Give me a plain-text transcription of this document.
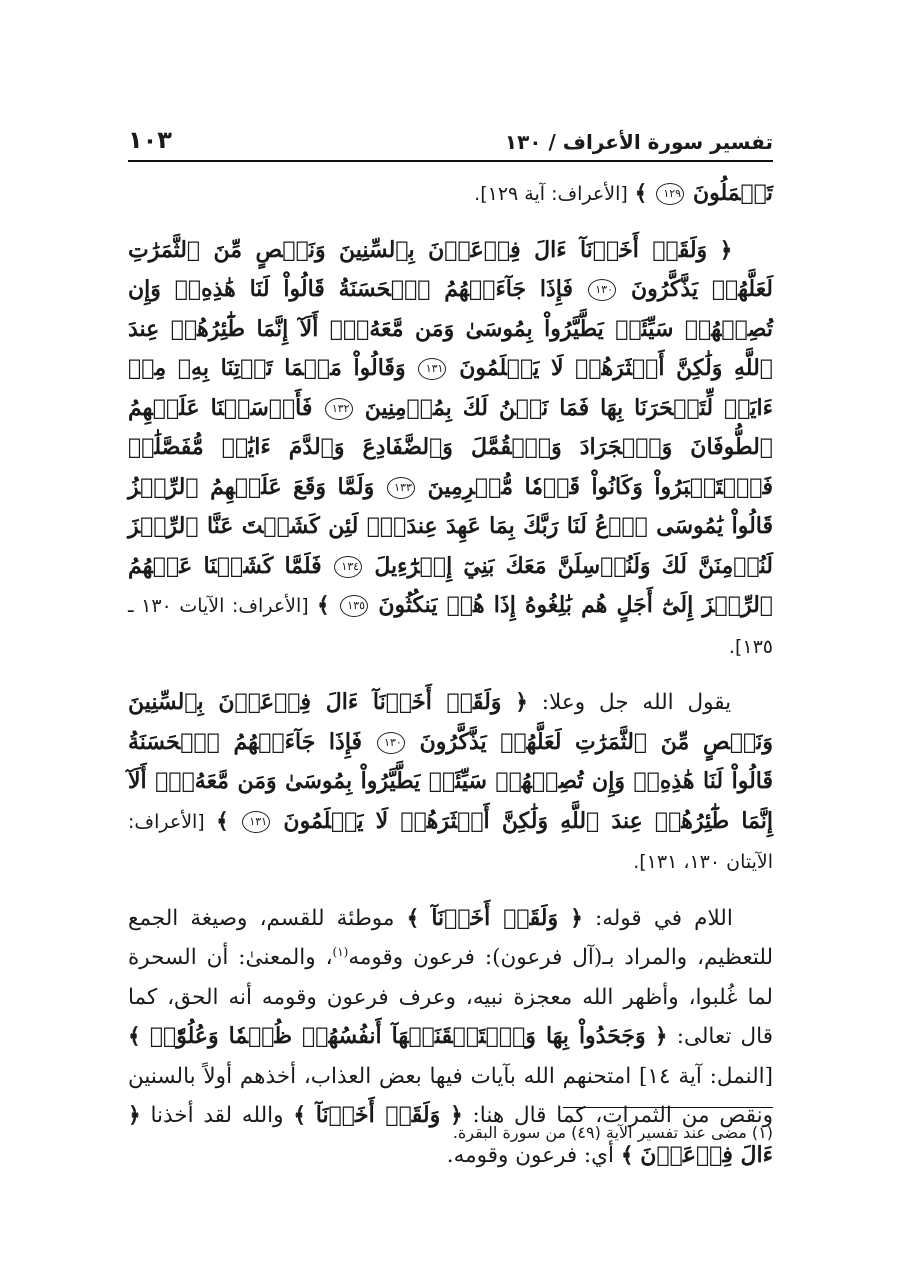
تفسير سورة الأعراف / ١٣٠
١٠٣

تَعۡمَلُونَ ١٢٩ ﴾ [الأعراف: آية ١٢٩].

﴿ وَلَقَدۡ أَخَذۡنَآ ءَالَ فِرۡعَوۡنَ بِٱلسِّنِينَ وَنَقۡصٍ مِّنَ ٱلثَّمَرَٰتِ لَعَلَّهُمۡ يَذَّكَّرُونَ ١٣٠ فَإِذَا جَآءَتۡهُمُ ٱلۡحَسَنَةُ قَالُواْ لَنَا هَٰذِهِۦۖ وَإِن تُصِبۡهُمۡ سَيِّئَةٞ يَطَّيَّرُواْ بِمُوسَىٰ وَمَن مَّعَهُۥٓۗ أَلَآ إِنَّمَا طَٰٓئِرُهُمۡ عِندَ ٱللَّهِ وَلَٰكِنَّ أَكۡثَرَهُمۡ لَا يَعۡلَمُونَ ١٣١ وَقَالُواْ مَهۡمَا تَأۡتِنَا بِهِۦ مِنۡ ءَايَةٖ لِّتَسۡحَرَنَا بِهَا فَمَا نَحۡنُ لَكَ بِمُؤۡمِنِينَ ١٣٢ فَأَرۡسَلۡنَا عَلَيۡهِمُ ٱلطُّوفَانَ وَٱلۡجَرَادَ وَٱلۡقُمَّلَ وَٱلضَّفَادِعَ وَٱلدَّمَ ءَايَٰتٖ مُّفَصَّلَٰتٖ فَٱسۡتَكۡبَرُواْ وَكَانُواْ قَوۡمٗا مُّجۡرِمِينَ ١٣٣ وَلَمَّا وَقَعَ عَلَيۡهِمُ ٱلرِّجۡزُ قَالُواْ يَٰمُوسَى ٱدۡعُ لَنَا رَبَّكَ بِمَا عَهِدَ عِندَكَۖ لَئِن كَشَفۡتَ عَنَّا ٱلرِّجۡزَ لَنُؤۡمِنَنَّ لَكَ وَلَنُرۡسِلَنَّ مَعَكَ بَنِيٓ إِسۡرَٰٓءِيلَ ١٣٤ فَلَمَّا كَشَفۡنَا عَنۡهُمُ ٱلرِّجۡزَ إِلَىٰٓ أَجَلٍ هُم بَٰلِغُوهُ إِذَا هُمۡ يَنكُثُونَ ١٣٥ ﴾ [الأعراف: الآيات ١٣٠ ـ ١٣٥].

يقول الله جل وعلا: ﴿ وَلَقَدۡ أَخَذۡنَآ ءَالَ فِرۡعَوۡنَ بِٱلسِّنِينَ وَنَقۡصٍ مِّنَ ٱلثَّمَرَٰتِ لَعَلَّهُمۡ يَذَّكَّرُونَ ١٣٠ فَإِذَا جَآءَتۡهُمُ ٱلۡحَسَنَةُ قَالُواْ لَنَا هَٰذِهِۦۖ وَإِن تُصِبۡهُمۡ سَيِّئَةٞ يَطَّيَّرُواْ بِمُوسَىٰ وَمَن مَّعَهُۥٓۗ أَلَآ إِنَّمَا طَٰٓئِرُهُمۡ عِندَ ٱللَّهِ وَلَٰكِنَّ أَكۡثَرَهُمۡ لَا يَعۡلَمُونَ ١٣١ ﴾ [الأعراف: الآيتان ١٣٠، ١٣١].

اللام في قوله: ﴿ وَلَقَدۡ أَخَذۡنَآ ﴾ موطئة للقسم، وصيغة الجمع للتعظيم، والمراد بـ(آل فرعون): فرعون وقومه$^{(١)}$، والمعنىٰ: أن السحرة لما غُلبوا، وأظهر الله معجزة نبيه، وعرف فرعون وقومه أنه الحق، كما قال تعالى: ﴿ وَجَحَدُواْ بِهَا وَٱسۡتَيۡقَنَتۡهَآ أَنفُسُهُمۡ ظُلۡمٗا وَعُلُوّٗاۚ ﴾ [النمل: آية ١٤] امتحنهم الله بآيات فيها بعض العذاب، أخذهم أولاً بالسنين ونقص من الثمرات، كما قال هنا: ﴿ وَلَقَدۡ أَخَذۡنَآ ﴾ والله لقد أخذنا ﴿ ءَالَ فِرۡعَوۡنَ ﴾ أي: فرعون وقومه.

(١) مضى عند تفسير الآية (٤٩) من سورة البقرة.
